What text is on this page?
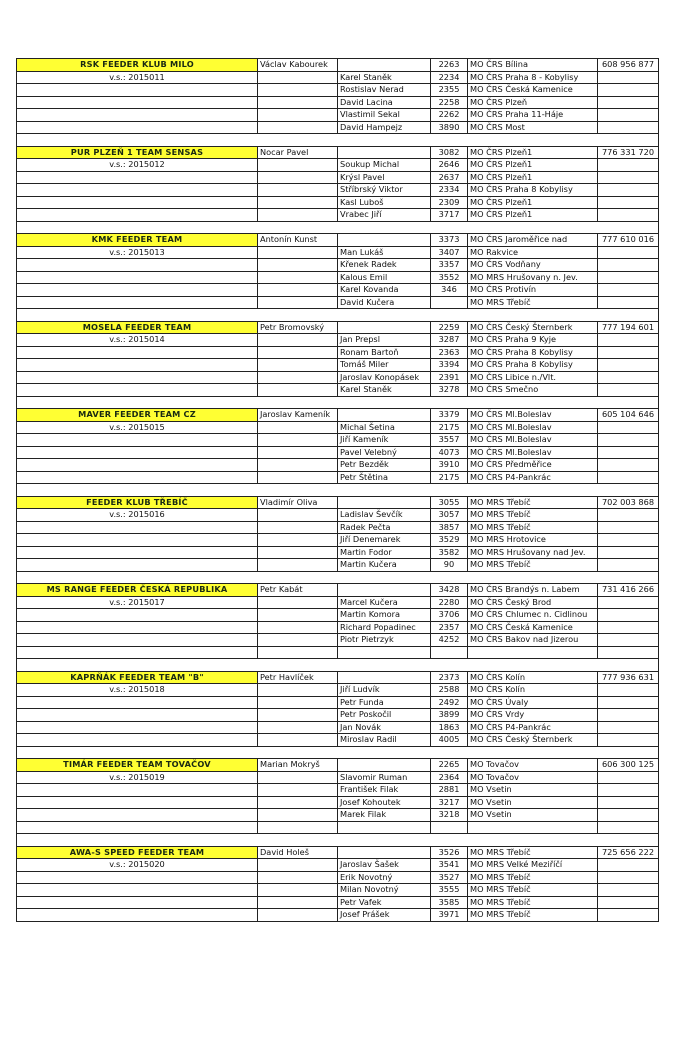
RSK FEEDER KLUB MILO	Václav Kabourek		2263	MO ČRS Bílina	608 956 877
v.s.: 2015011		Karel Staněk	2234	MO ČRS Praha 8 - Kobylisy	
		Rostislav Nerad	2355	MO ČRS Česká Kamenice	
		David Lacina	2258	MO ČRS Plzeň	
		Vlastimil Sekal	2262	MO ČRS Praha 11-Háje	
		David Hampejz	3890	MO ČRS Most	

PUR PLZEŇ 1 TEAM SENSAS	Nocar Pavel		3082	MO ČRS Plzeň1	776 331 720
v.s.: 2015012		Soukup Michal	2646	MO ČRS Plzeň1	
		Krýsl Pavel	2637	MO ČRS Plzeň1	
		Stříbrský Viktor	2334	MO ČRS Praha 8 Kobylisy	
		Kasl Luboš	2309	MO ČRS Plzeň1	
		Vrabec Jiří	3717	MO ČRS Plzeň1	

KMK FEEDER TEAM	Antonín Kunst		3373	MO ČRS Jaroměřice nad	777 610 016
v.s.: 2015013		Man Lukáš	3407	MO Rakvice	
		Křenek Radek	3357	MO ČRS Vodňany	
		Kalous Emil	3552	MO MRS Hrušovany n. Jev.	
		Karel Kovanda	346	MO ČRS Protivín	
		David Kučera		MO MRS Třebíč	

MOSELA FEEDER TEAM	Petr Bromovský		2259	MO ČRS Český Šternberk	777 194 601
v.s.: 2015014		Jan Prepsl	3287	MO ČRS Praha 9 Kyje	
		Ronam Bartoň	2363	MO ČRS Praha 8 Kobylisy	
		Tomáš Miler	3394	MO ČRS Praha 8 Kobylisy	
		Jaroslav Konopásek	2391	MO ČRS Libice n./Vlt.	
		Karel Staněk	3278	MO ČRS Smečno	

MAVER FEEDER TEAM CZ	Jaroslav Kameník		3379	MO ČRS Ml.Boleslav	605 104 646
v.s.: 2015015		Michal Šetina	2175	MO ČRS Ml.Boleslav	
		Jiří Kameník	3557	MO ČRS Ml.Boleslav	
		Pavel Velebný	4073	MO ČRS Ml.Boleslav	
		Petr Bezděk	3910	MO ČRS Předměřice	
		Petr Štětina	2175	MO ČRS P4-Pankrác	

FEEDER KLUB TŘEBÍČ	Vladimír Oliva		3055	MO MRS Třebíč	702 003 868
v.s.: 2015016		Ladislav Ševčík	3057	MO MRS Třebíč	
		Radek Pečta	3857	MO MRS Třebíč	
		Jiří Denemarek	3529	MO MRS Hrotovice	
		Martin Fodor	3582	MO MRS Hrušovany nad Jev.	
		Martin Kučera	90	MO MRS Třebíč	

MS RANGE FEEDER ČESKÁ REPUBLIKA	Petr Kabát		3428	MO ČRS Brandýs n. Labem	731 416 266
v.s.: 2015017		Marcel Kučera	2280	MO ČRS Český Brod	
		Martin Komora	3706	MO ČRS Chlumec n. Cidlinou	
		Richard Popadinec	2357	MO ČRS Česká Kamenice	
		Piotr Pietrzyk	4252	MO ČRS Bakov nad Jizerou	

KAPRŇÁK FEEDER TEAM "B"	Petr Havlíček		2373	MO ČRS Kolín	777 936 631
v.s.: 2015018		Jiří Ludvík	2588	MO ČRS Kolín	
		Petr Funda	2492	MO ČRS Úvaly	
		Petr Poskočil	3899	MO ČRS Vrdy	
		Jan Novák	1863	MO ČRS P4-Pankrác	
		Miroslav Radil	4005	MO ČRS Český Šternberk	

TIMÁR FEEDER TEAM TOVAČOV	Marian Mokryš		2265	MO Tovačov	606 300 125
v.s.: 2015019		Slavomir Ruman	2364	MO Tovačov	
		František Filak	2881	MO Vsetin	
		Josef Kohoutek	3217	MO Vsetin	
		Marek Filak	3218	MO Vsetin	

AWA-S SPEED FEEDER TEAM	David Holeš		3526	MO MRS Třebíč	725 656 222
v.s.: 2015020		Jaroslav Šašek	3541	MO MRS Velké Meziříčí	
		Erik Novotný	3527	MO MRS Třebíč	
		Milan Novotný	3555	MO MRS Třebíč	
		Petr Vafek	3585	MO MRS Třebíč	
		Josef Prášek	3971	MO MRS Třebíč	
